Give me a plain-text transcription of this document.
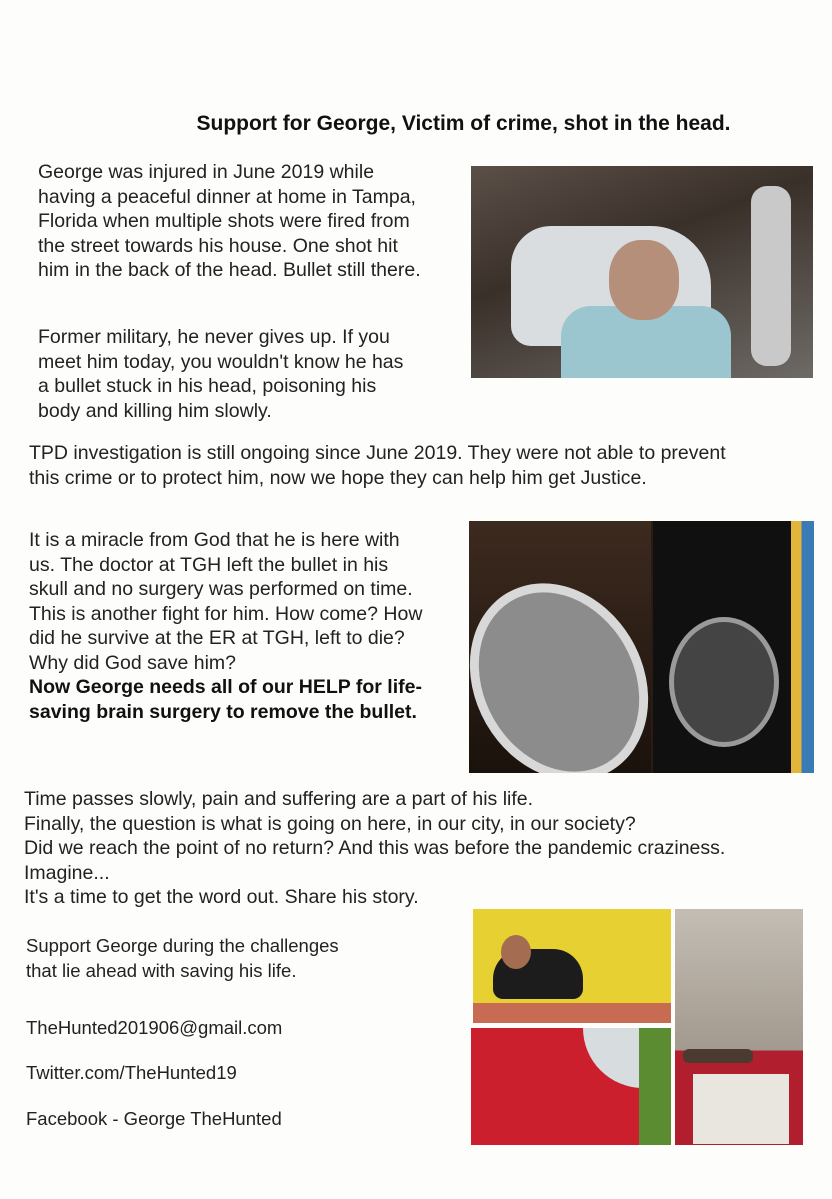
Support for George, Victim of crime, shot in the head.
George was injured in June 2019 while
having a peaceful dinner at home in Tampa,
Florida when multiple shots were fired from
the street towards his house. One shot hit
him in the back of the head. Bullet still there.
Former military, he never gives up. If you
meet him today, you wouldn't know he has
a bullet stuck in his head, poisoning his
body and killing him slowly.
TPD investigation is still ongoing since June 2019. They were not able to prevent
this crime or to protect him, now we hope they can help him get Justice.
It is a miracle from God that he is here with
us. The doctor at TGH left the bullet in his
skull and no surgery was performed on time.
This is another fight for him. How come? How
did he survive at the ER at TGH, left to die?
Why did God save him?
Now George needs all of our HELP for life-
saving brain surgery to remove the bullet.
Time passes slowly, pain and suffering are a part of his life.
Finally, the question is what is going on here, in our city, in our society?
Did we reach the point of no return? And this was before the pandemic craziness.
Imagine...
It's a time to get the word out. Share his story.
Support George during the challenges
that lie ahead with saving his life.
TheHunted201906@gmail.com
Twitter.com/TheHunted19
Facebook - George TheHunted
